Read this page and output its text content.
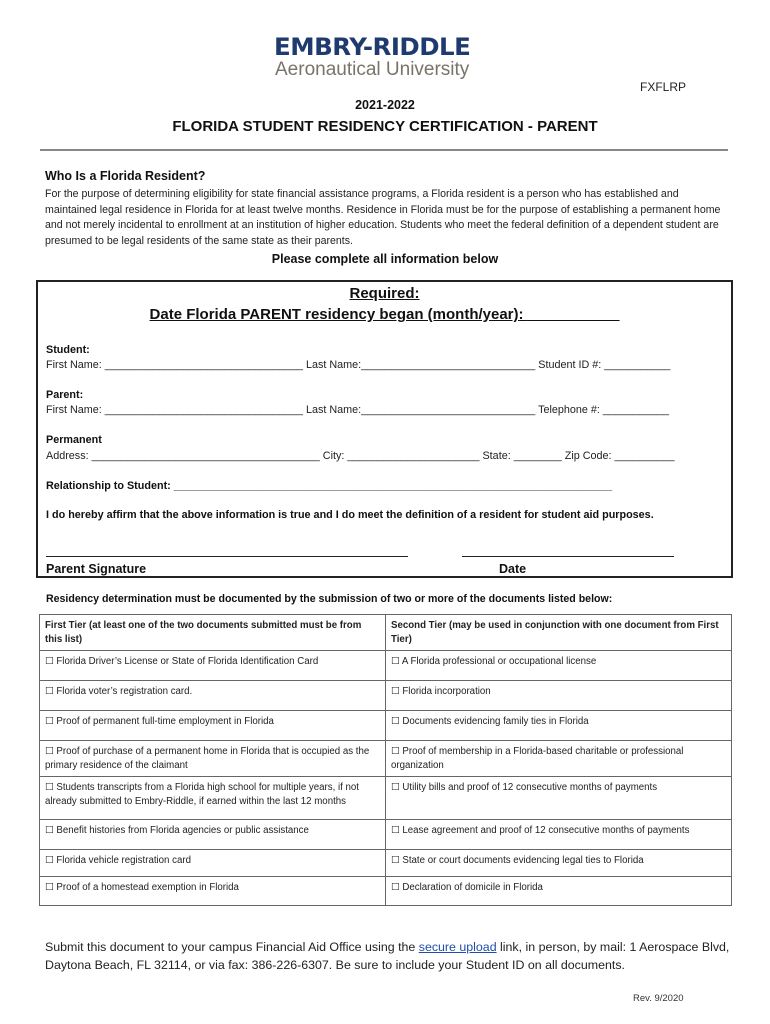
EMBRY-RIDDLE
Aeronautical University
FXFLRP
2021-2022
FLORIDA STUDENT RESIDENCY CERTIFICATION - PARENT
Who Is a Florida Resident?
For the purpose of determining eligibility for state financial assistance programs, a Florida resident is a person who has established and maintained legal residence in Florida for at least twelve months. Residence in Florida must be for the purpose of establishing a permanent home and not merely incidental to enrollment at an institution of higher education. Students who meet the federal definition of a dependent student are presumed to be legal residents of the same state as their parents.
Please complete all information below
Required:
Date Florida PARENT residency began (month/year): ___________
Student:
First Name: _________________________________ Last Name:_____________________________ Student ID #: ___________
Parent:
First Name: _________________________________ Last Name:_____________________________ Telephone #: ___________
Permanent
Address: ______________________________________ City: ______________________ State: ________ Zip Code: __________
Relationship to Student: _________________________________________________________________________
I do hereby affirm that the above information is true and I do meet the definition of a resident for student aid purposes.
Parent Signature	Date
Residency determination must be documented by the submission of two or more of the documents listed below:
First Tier (at least one of the two documents submitted must be from this list)	Second Tier (may be used in conjunction with one document from First Tier)
☐ Florida Driver’s License or State of Florida Identification Card	☐ A Florida professional or occupational license
☐ Florida voter’s registration card.	☐ Florida incorporation
☐ Proof of permanent full-time employment in Florida	☐ Documents evidencing family ties in Florida
☐ Proof of purchase of a permanent home in Florida that is occupied as the primary residence of the claimant	☐ Proof of membership in a Florida-based charitable or professional organization
☐ Students transcripts from a Florida high school for multiple years, if not already submitted to Embry-Riddle, if earned within the last 12 months	☐ Utility bills and proof of 12 consecutive months of payments
☐ Benefit histories from Florida agencies or public assistance	☐ Lease agreement and proof of 12 consecutive months of payments
☐ Florida vehicle registration card	☐ State or court documents evidencing legal ties to Florida
☐ Proof of a homestead exemption in Florida	☐ Declaration of domicile in Florida
Submit this document to your campus Financial Aid Office using the secure upload link, in person, by mail: 1 Aerospace Blvd, Daytona Beach, FL 32114, or via fax: 386-226-6307. Be sure to include your Student ID on all documents.
Rev. 9/2020
